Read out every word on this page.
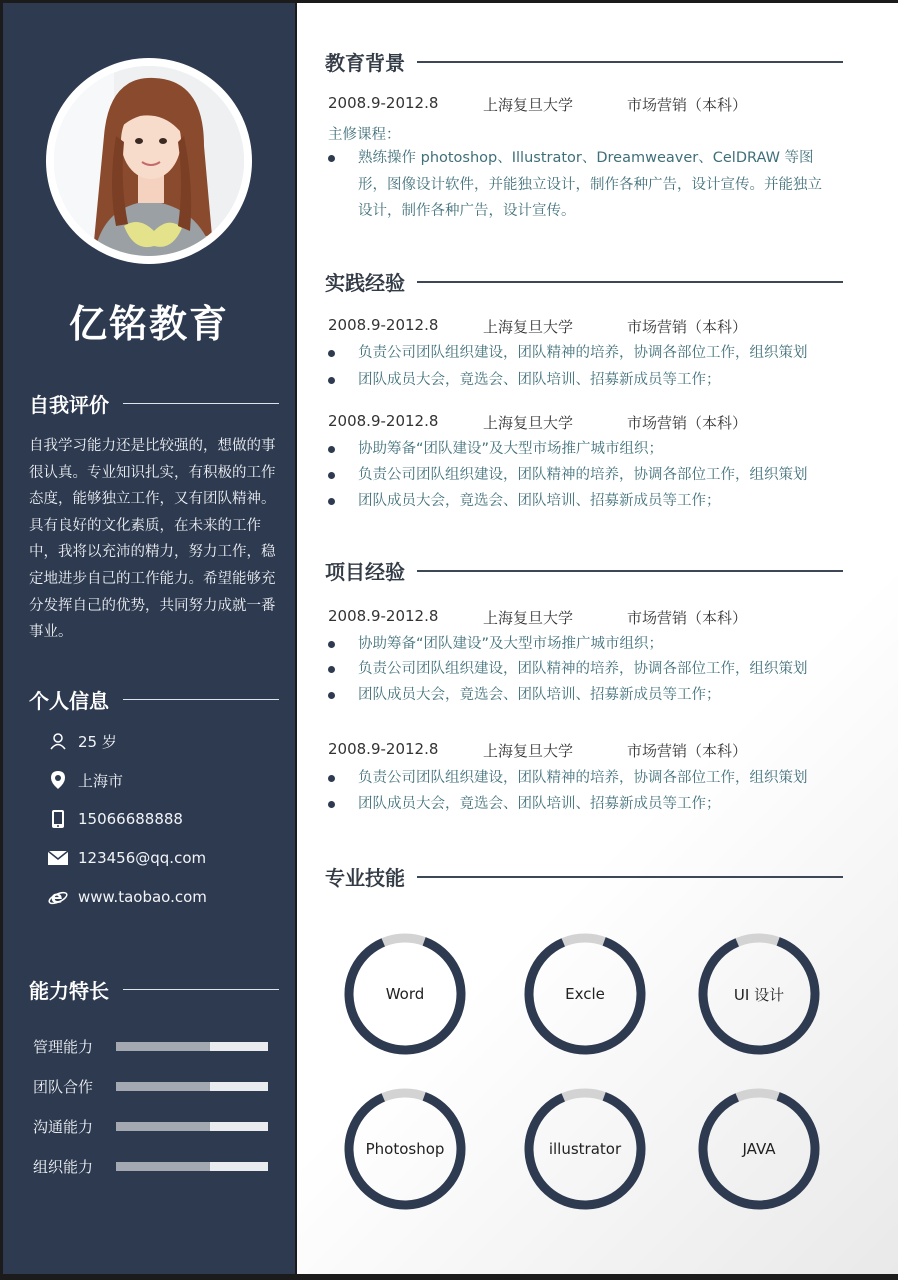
亿铭教育
自我评价
自我学习能力还是比较强的，想做的事很认真。专业知识扎实，有积极的工作态度，能够独立工作，又有团队精神。具有良好的文化素质，在未来的工作中，我将以充沛的精力，努力工作，稳定地进步自己的工作能力。希望能够充分发挥自己的优势，共同努力成就一番事业。
个人信息
25 岁
上海市
15066688888
123456@qq.com
e www.taobao.com
能力特长
管理能力
团队合作
沟通能力
组织能力
教育背景
2008.9-2012.8	上海复旦大学	市场营销（本科）
主修课程：
熟练操作 photoshop、Illustrator、Dreamweaver、CelDRAW 等图形，图像设计软件，并能独立设计，制作各种广告，设计宣传。并能独立设计，制作各种广告，设计宣传。
实践经验
2008.9-2012.8	上海复旦大学	市场营销（本科）
负责公司团队组织建设，团队精神的培养，协调各部位工作，组织策划
团队成员大会，竟选会、团队培训、招募新成员等工作；
2008.9-2012.8	上海复旦大学	市场营销（本科）
协助筹备“团队建设”及大型市场推广城市组织；
负责公司团队组织建设，团队精神的培养，协调各部位工作，组织策划
团队成员大会，竟选会、团队培训、招募新成员等工作；
项目经验
2008.9-2012.8	上海复旦大学	市场营销（本科）
协助筹备“团队建设”及大型市场推广城市组织；
负责公司团队组织建设，团队精神的培养，协调各部位工作，组织策划
团队成员大会，竟选会、团队培训、招募新成员等工作；
2008.9-2012.8	上海复旦大学	市场营销（本科）
负责公司团队组织建设，团队精神的培养，协调各部位工作，组织策划
团队成员大会，竟选会、团队培训、招募新成员等工作；
专业技能
Word	Excle	UI 设计
Photoshop	illustrator	JAVA
